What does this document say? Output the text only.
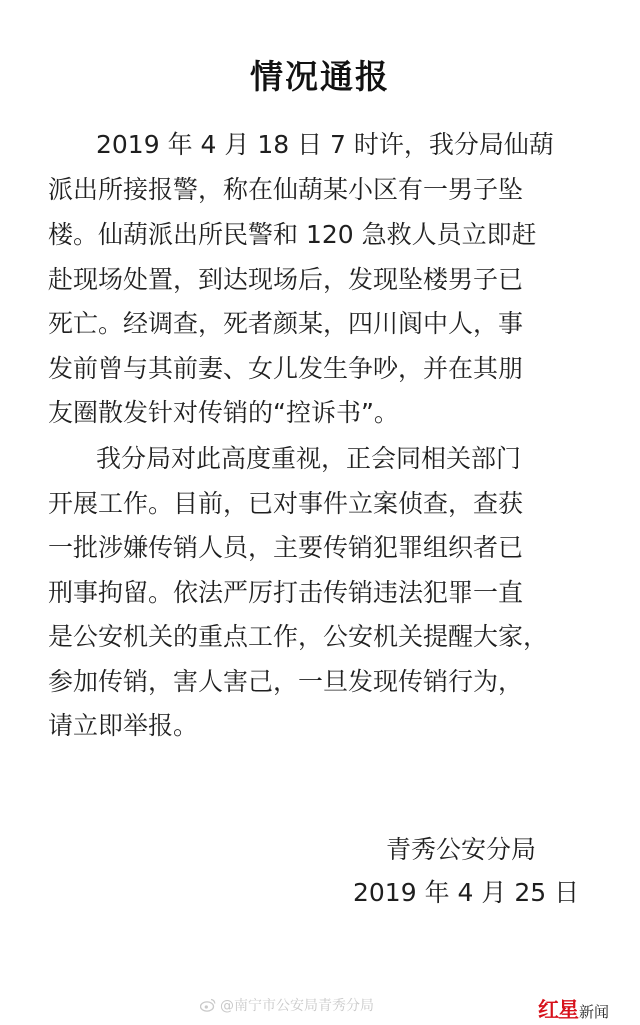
情况通报
2019 年 4 月 18 日 7 时许，我分局仙葫
派出所接报警，称在仙葫某小区有一男子坠
楼。仙葫派出所民警和 120 急救人员立即赶
赴现场处置，到达现场后，发现坠楼男子已
死亡。经调查，死者颜某，四川阆中人，事
发前曾与其前妻、女儿发生争吵，并在其朋
友圈散发针对传销的“控诉书”。
我分局对此高度重视，正会同相关部门
开展工作。目前，已对事件立案侦查，查获
一批涉嫌传销人员，主要传销犯罪组织者已
刑事拘留。依法严厉打击传销违法犯罪一直
是公安机关的重点工作，公安机关提醒大家，
参加传销，害人害己，一旦发现传销行为，
请立即举报。
青秀公安分局
2019 年 4 月 25 日
@南宁市公安局青秀分局	红星新闻
